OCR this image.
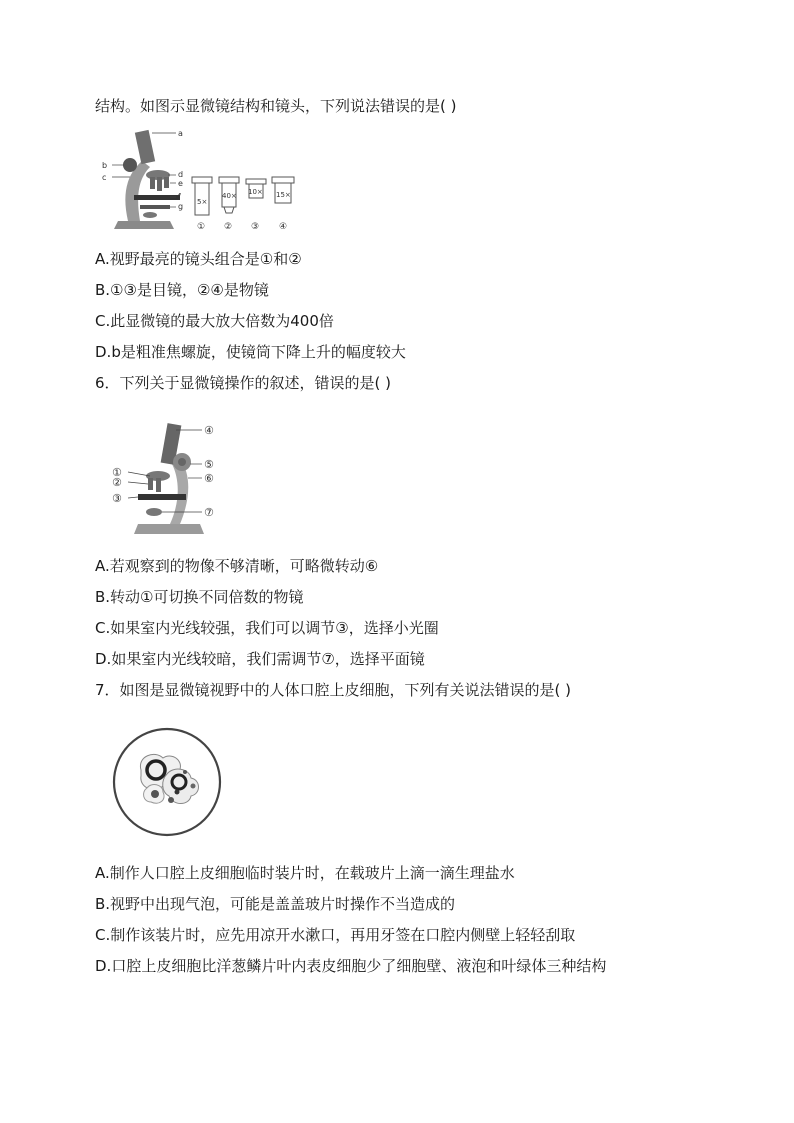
结构。如图示显微镜结构和镜头，下列说法错误的是( )
a
b
c	d
e
f
g 5×
①
40×
②
10×
③
15×
④
A.视野最亮的镜头组合是①和②
B.①③是目镜，②④是物镜
C.此显微镜的最大放大倍数为400倍
D.b是粗准焦螺旋，使镜筒下降上升的幅度较大
6．下列关于显微镜操作的叙述，错误的是( )
④
⑤
⑥
①
②
③
⑦
A.若观察到的物像不够清晰，可略微转动⑥
B.转动①可切换不同倍数的物镜
C.如果室内光线较强，我们可以调节③，选择小光圈
D.如果室内光线较暗，我们需调节⑦，选择平面镜
7．如图是显微镜视野中的人体口腔上皮细胞，下列有关说法错误的是( )
A.制作人口腔上皮细胞临时装片时，在载玻片上滴一滴生理盐水
B.视野中出现气泡，可能是盖盖玻片时操作不当造成的
C.制作该装片时，应先用凉开水漱口，再用牙签在口腔内侧壁上轻轻刮取
D.口腔上皮细胞比洋葱鳞片叶内表皮细胞少了细胞壁、液泡和叶绿体三种结构
